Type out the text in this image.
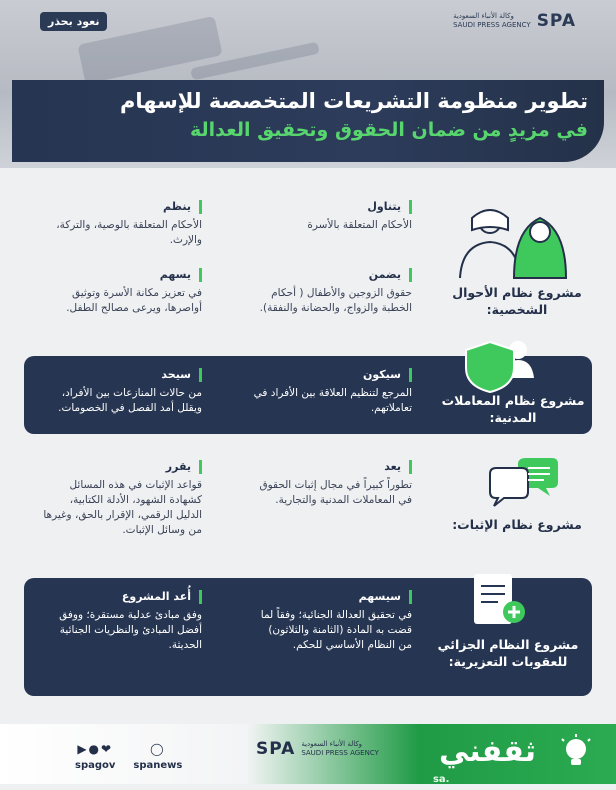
وكالة الأنباء السعودية
SAUDI PRESS AGENCY SPA
نعود بحذر
تطوير منظومة التشريعات المتخصصة للإسهام
في مزيدٍ من ضمان الحقوق وتحقيق العدالة
مشروع نظام الأحوال الشخصية:
يتناول
الأحكام المتعلقة بالأسرة
ينظم
الأحكام المتعلقة بالوصية، والتركة، والإرث.
يضمن
حقوق الزوجين والأطفال ( أحكام الخطبة والزواج، والحضانة والنفقة).
يسهم
في تعزيز مكانة الأسرة وتوثيق أواصرها، ويرعى مصالح الطفل.
مشروع نظام المعاملات المدنية:
سيكون
المرجع لتنظيم العلاقة بين الأفراد في تعاملاتهم.
سيحد
من حالات المنازعات بين الأفراد، ويقلل أمد الفصل في الخصومات.
مشروع نظام الإثبات:
يعد
تطوراً كبيراً في مجال إثبات الحقوق في المعاملات المدنية والتجارية.
يقرر
قواعد الإثبات في هذه المسائل كشهادة الشهود، الأدلة الكتابية، الدليل الرقمي، الإقرار بالحق، وغيرها من وسائل الإثبات.
مشروع النظام الجزائي للعقوبات التعزيرية:
سيسهم
في تحقيق العدالة الجنائية؛ وفقاً لما قضت به المادة (الثامنة والثلاثون) من النظام الأساسي للحكم.
أُعد المشروع
وفق مبادئ عدلية مستقرة؛ ووفق أفضل المبادئ والنظريات الجنائية الحديثة.
▶●❤
spagov
◯
spanews
SPA وكالة الأنباء السعودية
SAUDI PRESS AGENCY ثقفني
.sa
